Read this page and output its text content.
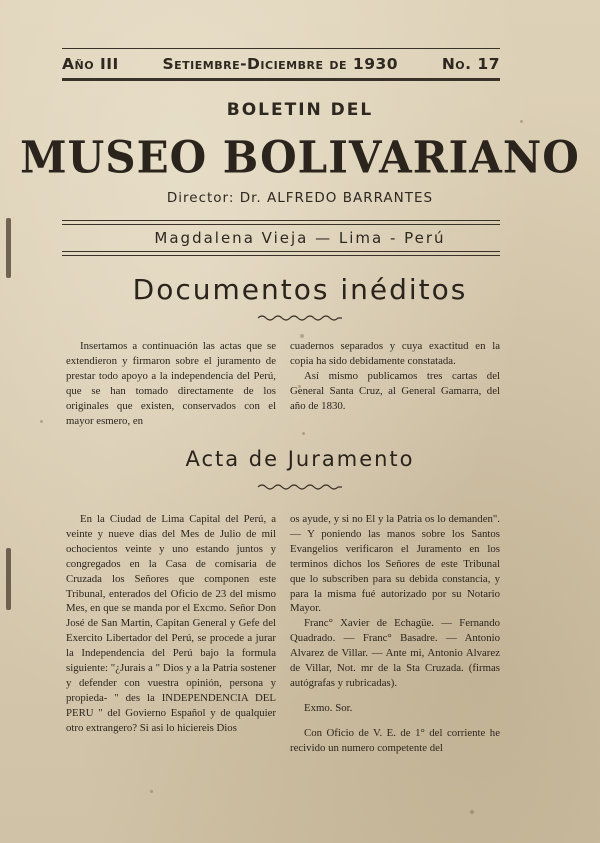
Año III	Setiembre-Diciembre de 1930	No. 17
BOLETIN DEL
MUSEO BOLIVARIANO
Director: Dr. ALFREDO BARRANTES
Magdalena Vieja — Lima - Perú
Documentos inéditos

Insertamos a continuación las actas que se extendieron y firmaron sobre el juramento de prestar todo apoyo a la independencia del Perú, que se han tomado directamente de los originales que existen, conservados con el mayor esmero, en

cuadernos separados y cuya exactitud en la copia ha sido debidamente constatada.

Así mismo publicamos tres cartas del General Santa Cruz, al General Gamarra, del año de 1830.

Acta de Juramento

En la Ciudad de Lima Capital del Perú, a veinte y nueve dias del Mes de Julio de mil ochocientos veinte y uno estando juntos y congregados en la Casa de comisaria de Cruzada los Señores que componen este Tribunal, enterados del Oficio de 23 del mismo Mes, en que se manda por el Excmo. Señor Don José de San Martin, Capitan General y Gefe del Exercito Libertador del Perú, se procede a jurar la Independencia del Perú bajo la formula siguiente: "¿Jurais a " Dios y a la Patria sostener y defender con vuestra opinión, persona y propieda- " des la INDEPENDENCIA DEL PERU " del Govierno Español y de qualquier otro extrangero? Si asi lo hiciereis Dios

os ayude, y si no El y la Patria os lo demanden". — Y poniendo las manos sobre los Santos Evangelios verificaron el Juramento en los terminos dichos los Señores de este Tribunal que lo subscriben para su debida constancia, y para la misma fué autorizado por su Notario Mayor.

Franc° Xavier de Echagüe. — Fernando Quadrado. — Franc° Basadre. — Antonio Alvarez de Villar. — Ante mi, Antonio Alvarez de Villar, Not. mr de la Sta Cruzada. (firmas autógrafas y rubricadas).

Exmo. Sor.

Con Oficio de V. E. de 1° del corriente he recivido un numero competente del
